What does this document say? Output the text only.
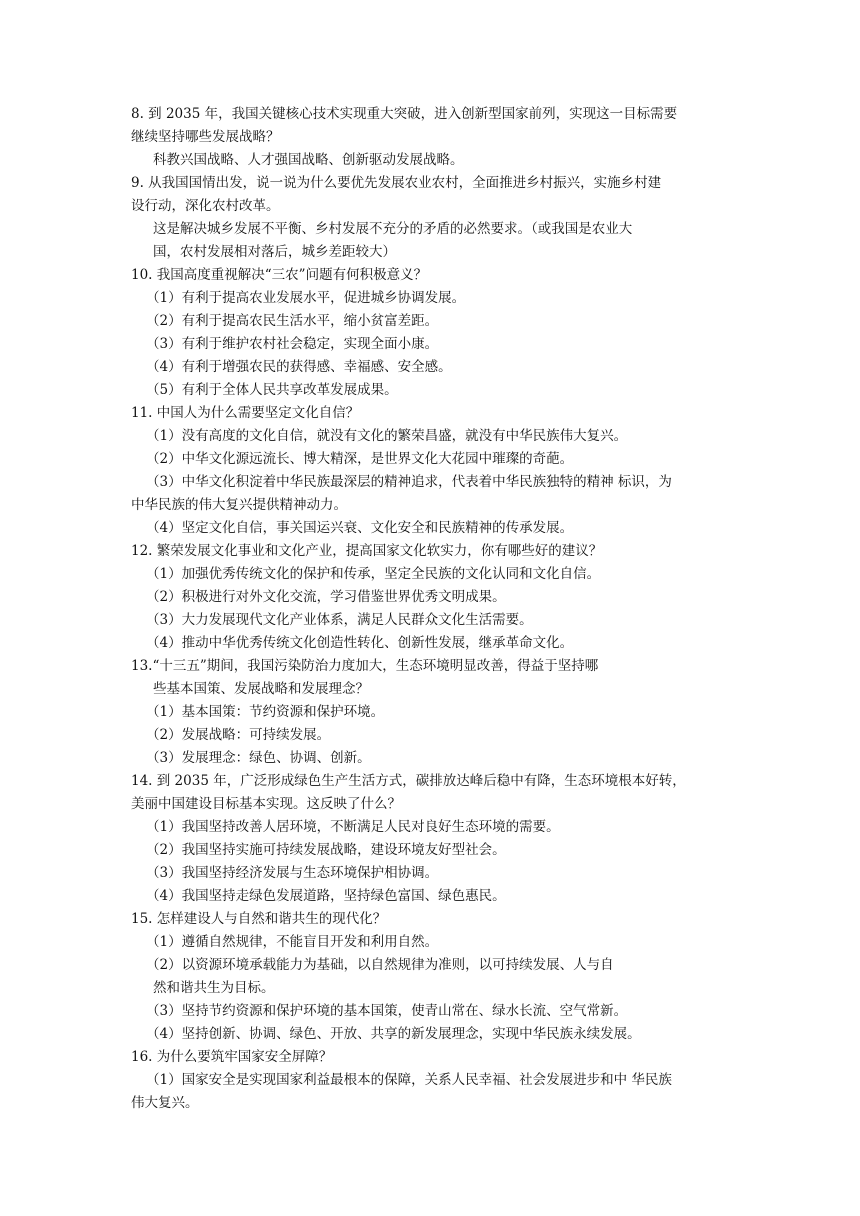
8. 到 2035 年，我国关键核心技术实现重大突破，进入创新型国家前列，实现这一目标需要
继续坚持哪些发展战略？
科教兴国战略、人才强国战略、创新驱动发展战略。
9. 从我国国情出发，说一说为什么要优先发展农业农村，全面推进乡村振兴，实施乡村建
设行动，深化农村改革。
这是解决城乡发展不平衡、乡村发展不充分的矛盾的必然要求。（或我国是农业大
国，农村发展相对落后，城乡差距较大）
10. 我国高度重视解决“三农”问题有何积极意义？
（1）有利于提高农业发展水平，促进城乡协调发展。
（2）有利于提高农民生活水平，缩小贫富差距。
（3）有利于维护农村社会稳定，实现全面小康。
（4）有利于增强农民的获得感、幸福感、安全感。
（5）有利于全体人民共享改革发展成果。
11. 中国人为什么需要坚定文化自信？
（1）没有高度的文化自信，就没有文化的繁荣昌盛，就没有中华民族伟大复兴。
（2）中华文化源远流长、博大精深，是世界文化大花园中璀璨的奇葩。
（3）中华文化积淀着中华民族最深层的精神追求，代表着中华民族独特的精神 标识，为
中华民族的伟大复兴提供精神动力。
（4）坚定文化自信，事关国运兴衰、文化安全和民族精神的传承发展。
12. 繁荣发展文化事业和文化产业，提高国家文化软实力，你有哪些好的建议？
（1）加强优秀传统文化的保护和传承，坚定全民族的文化认同和文化自信。
（2）积极进行对外文化交流，学习借鉴世界优秀文明成果。
（3）大力发展现代文化产业体系，满足人民群众文化生活需要。
（4）推动中华优秀传统文化创造性转化、创新性发展，继承革命文化。
13.“十三五”期间，我国污染防治力度加大，生态环境明显改善，得益于坚持哪
些基本国策、发展战略和发展理念？
（1）基本国策：节约资源和保护环境。
（2）发展战略：可持续发展。
（3）发展理念：绿色、协调、创新。
14. 到 2035 年，广泛形成绿色生产生活方式，碳排放达峰后稳中有降，生态环境根本好转，
美丽中国建设目标基本实现。这反映了什么？
（1）我国坚持改善人居环境，不断满足人民对良好生态环境的需要。
（2）我国坚持实施可持续发展战略，建设环境友好型社会。
（3）我国坚持经济发展与生态环境保护相协调。
（4）我国坚持走绿色发展道路，坚持绿色富国、绿色惠民。
15. 怎样建设人与自然和谐共生的现代化？
（1）遵循自然规律，不能盲目开发和利用自然。
（2）以资源环境承载能力为基础，以自然规律为准则，以可持续发展、人与自
然和谐共生为目标。
（3）坚持节约资源和保护环境的基本国策，使青山常在、绿水长流、空气常新。
（4）坚持创新、协调、绿色、开放、共享的新发展理念，实现中华民族永续发展。
16. 为什么要筑牢国家安全屏障？
（1）国家安全是实现国家利益最根本的保障，关系人民幸福、社会发展进步和中 华民族
伟大复兴。
